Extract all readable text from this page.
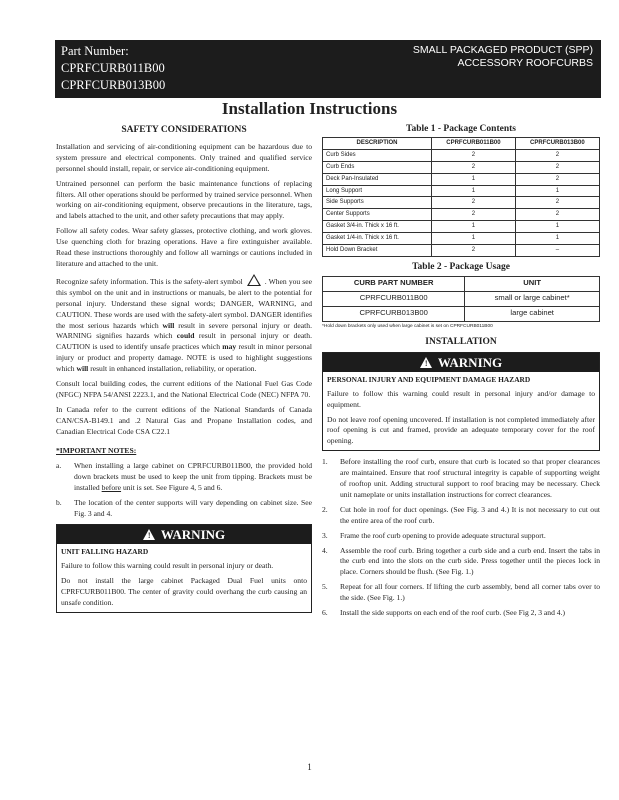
Part Number:
CPRFCURB011B00
CPRFCURB013B00
SMALL PACKAGED PRODUCT (SPP)
ACCESSORY ROOFCURBS
Installation Instructions
SAFETY CONSIDERATIONS

Installation and servicing of air-conditioning equipment can be hazardous due to system pressure and electrical components. Only trained and qualified service personnel should install, repair, or service air-conditioning equipment.

Untrained personnel can perform the basic maintenance functions of replacing filters. All other operations should be performed by trained service personnel. When working on air-conditioning equipment, observe precautions in the literature, tags, and labels attached to the unit, and other safety precautions that may apply.

Follow all safety codes. Wear safety glasses, protective clothing, and work gloves. Use quenching cloth for brazing operations. Have a fire extinguisher available. Read these instructions thoroughly and follow all warnings or cautions included in literature and attached to the unit.

Recognize safety information. This is the safety-alert symbol	. When you see this symbol on the unit and in instructions or manuals, be alert to the potential for personal injury. Understand these signal words; DANGER, WARNING, and CAUTION. These words are used with the safety-alert symbol. DANGER identifies the most serious hazards which will result in severe personal injury or death. WARNING signifies hazards which could result in personal injury or death. CAUTION is used to identify unsafe practices which may result in minor personal injury or product and property damage. NOTE is used to highlight suggestions which will result in enhanced installation, reliability, or operation.

Consult local building codes, the current editions of the National Fuel Gas Code (NFGC) NFPA 54/ANSI 2223.1, and the National Electrical Code (NEC) NFPA 70.

In Canada refer to the current editions of the National Standards of Canada CAN/CSA-B149.1 and .2 Natural Gas and Propane Installation codes, and Canadian Electrical Code CSA C22.1

*IMPORTANT NOTES:
a. When installing a large cabinet on CPRFCURB011B00, the provided hold down brackets must be used to keep the unit from tipping. Brackets must be installed before unit is set. See Figure 4, 5 and 6.
b. The location of the center supports will vary depending on cabinet size. See Fig. 3 and 4.
! WARNING
UNIT FALLING HAZARD

Failure to follow this warning could result in personal injury or death.

Do not install the large cabinet Packaged Dual Fuel units onto CPRFCURB011B00. The center of gravity could overhang the curb causing an unsafe condition.

Table 1 - Package Contents
DESCRIPTION	CPRFCURB011B00	CPRFCURB013B00
Curb Sides	2	2
Curb Ends	2	2
Deck Pan-Insulated	1	2
Long Support	1	1
Side Supports	2	2
Center Supports	2	2
Gasket 3/4-in. Thick x 16 ft.	1	1
Gasket 1/4-in. Thick x 16 ft.	1	1
Hold Down Bracket	2	–
Table 2 - Package Usage
CURB PART NUMBER	UNIT
CPRFCURB011B00	small or large cabinet*
CPRFCURB013B00	large cabinet
*Hold down brackets only used when large cabinet is set on CPRFCURB011B00
INSTALLATION
! WARNING
PERSONAL INJURY AND EQUIPMENT DAMAGE HAZARD

Failure to follow this warning could result in personal injury and/or damage to equipment.

Do not leave roof opening uncovered. If installation is not completed immediately after roof opening is cut and framed, provide an adequate temporary cover for the roof opening.

1. Before installing the roof curb, ensure that curb is located so that proper clearances are maintained. Ensure that roof structural integrity is capable of supporting weight of rooftop unit. Adding structural support to roof bracing may be necessary. Check unit nameplate or units installation instructions for correct clearances.
2. Cut hole in roof for duct openings. (See Fig. 3 and 4.) It is not necessary to cut out the entire area of the roof curb.
3. Frame the roof curb opening to provide adequate structural support.
4. Assemble the roof curb. Bring together a curb side and a curb end. Insert the tabs in the curb end into the slots on the curb side. Press together until the pieces lock in place. Corners should be flush. (See Fig. 1.)
5. Repeat for all four corners. If lifting the curb assembly, bend all corner tabs over to the side. (See Fig. 1.)
6. Install the side supports on each end of the roof curb. (See Fig 2, 3 and 4.)
1
